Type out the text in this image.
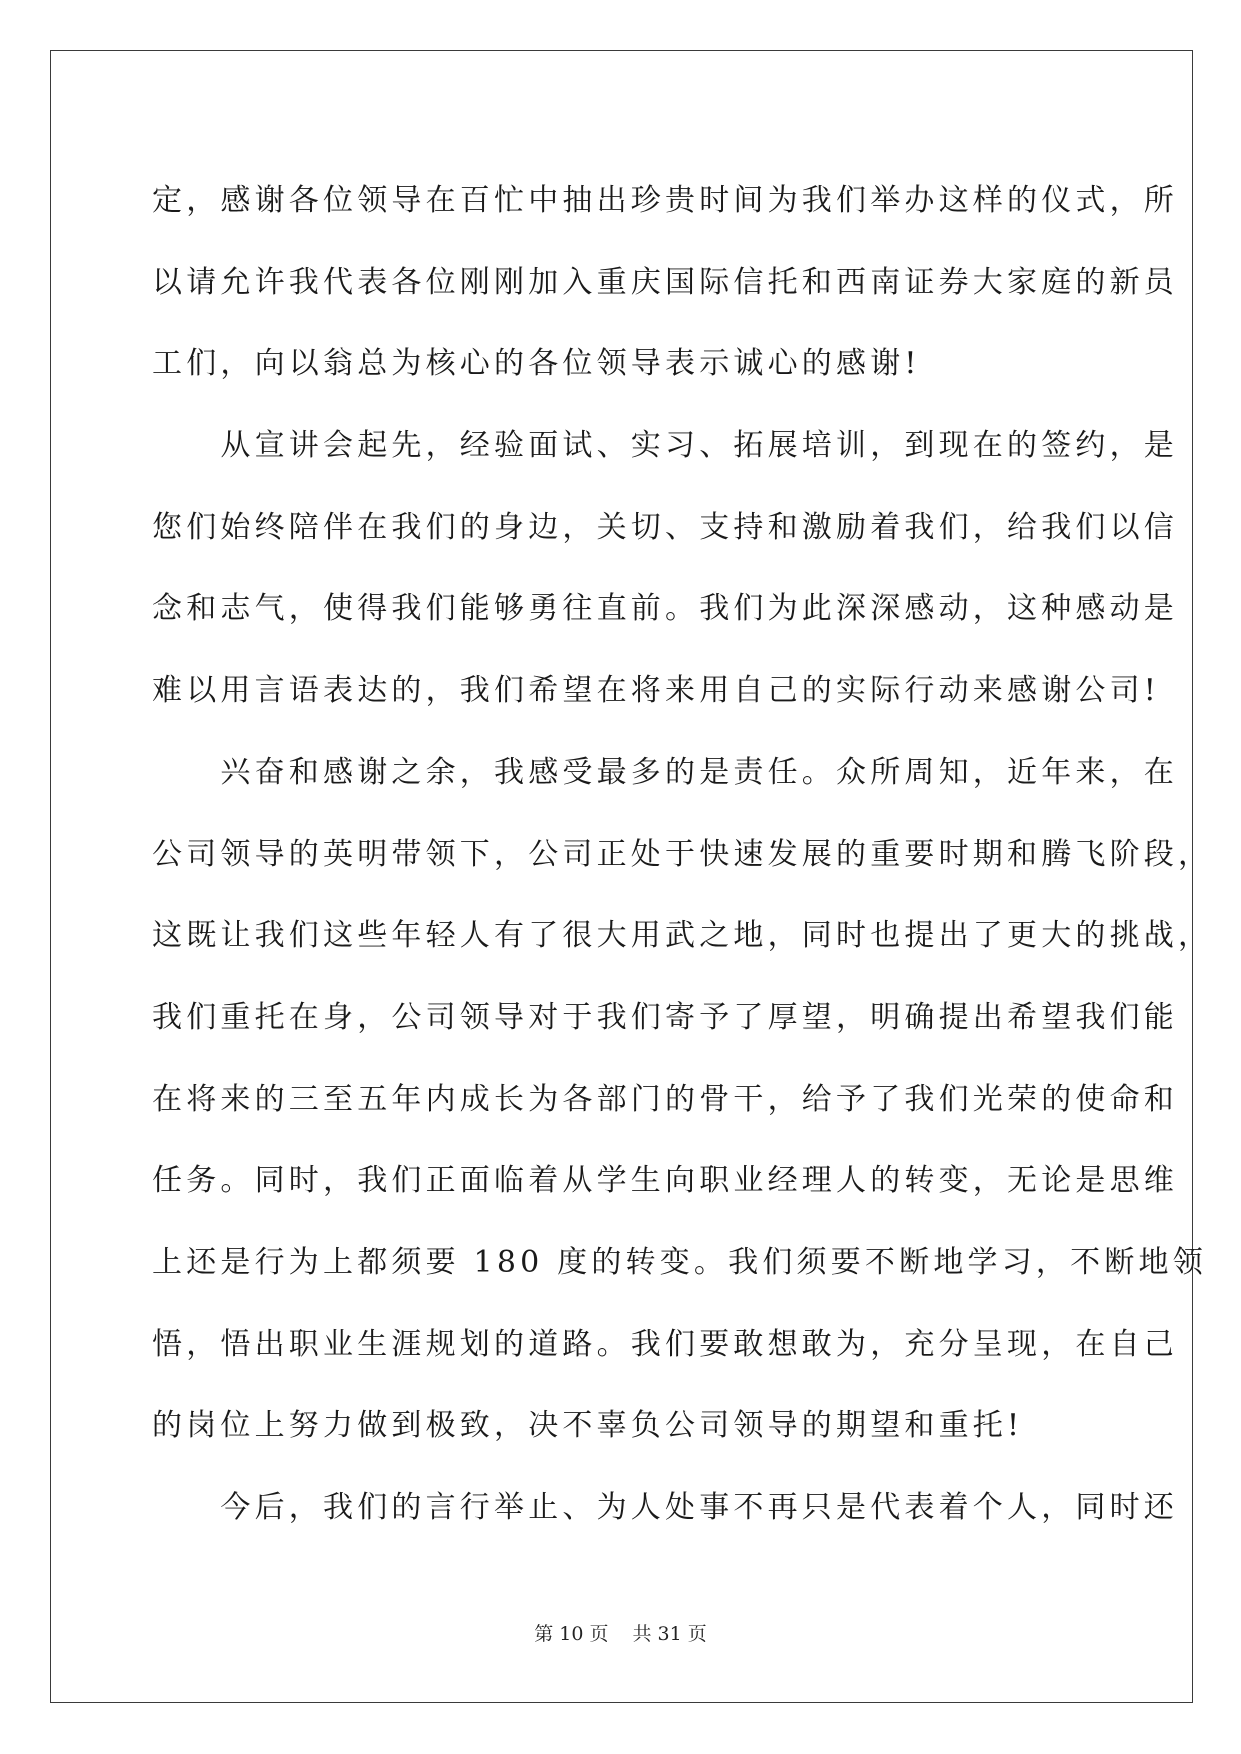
定，感谢各位领导在百忙中抽出珍贵时间为我们举办这样的仪式，所
以请允许我代表各位刚刚加入重庆国际信托和西南证券大家庭的新员
工们，向以翁总为核心的各位领导表示诚心的感谢!
　　从宣讲会起先，经验面试、实习、拓展培训，到现在的签约，是
您们始终陪伴在我们的身边，关切、支持和激励着我们，给我们以信
念和志气，使得我们能够勇往直前。我们为此深深感动，这种感动是
难以用言语表达的，我们希望在将来用自己的实际行动来感谢公司!
　　兴奋和感谢之余，我感受最多的是责任。众所周知，近年来，在
公司领导的英明带领下，公司正处于快速发展的重要时期和腾飞阶段，
这既让我们这些年轻人有了很大用武之地，同时也提出了更大的挑战，
我们重托在身，公司领导对于我们寄予了厚望，明确提出希望我们能
在将来的三至五年内成长为各部门的骨干，给予了我们光荣的使命和
任务。同时，我们正面临着从学生向职业经理人的转变，无论是思维
上还是行为上都须要 180 度的转变。我们须要不断地学习，不断地领
悟，悟出职业生涯规划的道路。我们要敢想敢为，充分呈现，在自己
的岗位上努力做到极致，决不辜负公司领导的期望和重托!
　　今后，我们的言行举止、为人处事不再只是代表着个人，同时还
第 10 页 共 31 页
